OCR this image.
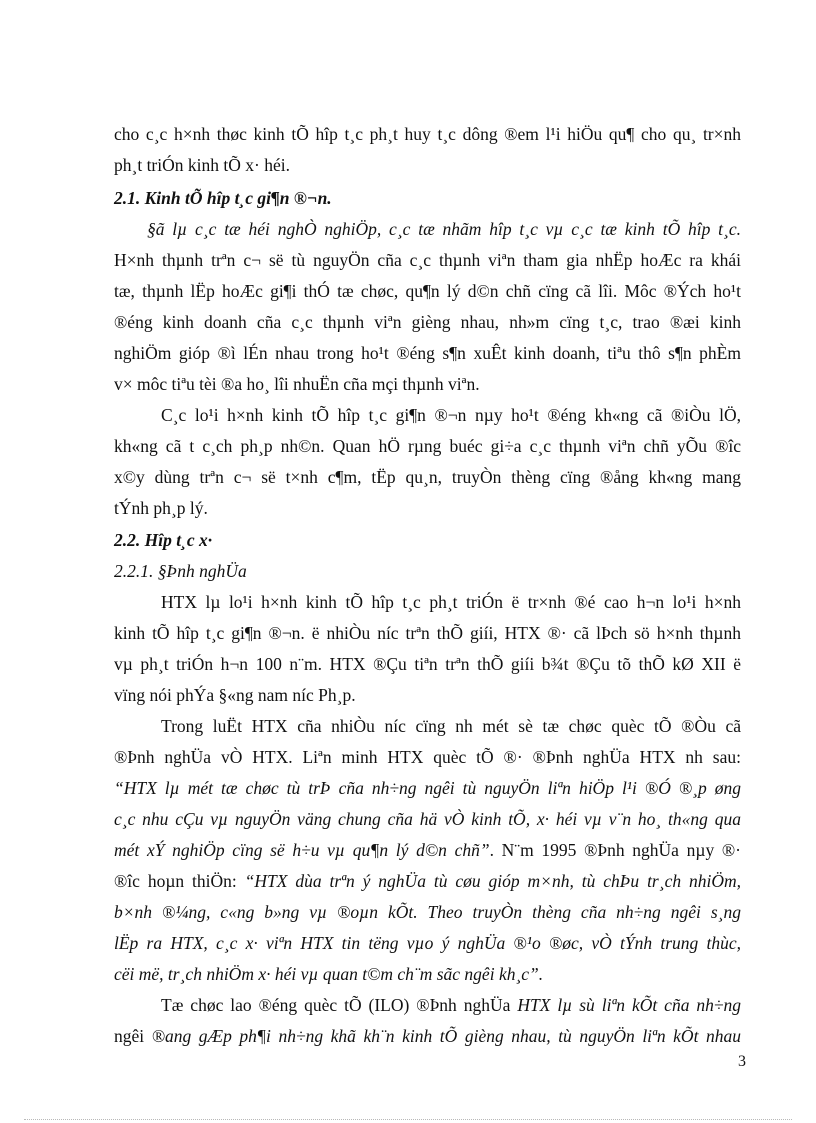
cho c¸c h×nh thøc kinh tÕ hîp t¸c ph¸t huy t¸c dông ®em l¹i hiÖu qu¶ cho qu¸ tr×nh
ph¸t triÓn kinh tÕ x· héi.
2.1. Kinh tÕ hîp t¸c gi¶n ®¬n.
§ã lµ c¸c tæ héi nghÒ nghiÖp, c¸c tæ nhãm hîp t¸c vµ c¸c tæ kinh tÕ hîp t¸c.
H×nh thµnh trªn c¬ së tù nguyÖn cña c¸c thµnh viªn tham gia nhËp hoÆc ra khái
tæ, thµnh lËp hoÆc gi¶i thÓ tæ chøc, qu¶n lý d©n chñ cïng cã lîi. Môc ®Ých ho¹t
®éng kinh doanh cña c¸c thµnh viªn gièng nhau, nh»m cïng t¸c, trao ®æi kinh
nghiÖm gióp ®ì lÉn nhau trong ho¹t ®éng s¶n xuÊt kinh doanh, tiªu thô s¶n phÈm
v× môc tiªu tèi ®a ho¸ lîi nhuËn cña mçi thµnh viªn.
C¸c lo¹i h×nh kinh tÕ hîp t¸c gi¶n ®¬n nµy ho¹t ®éng kh«ng cã ®iÒu lÖ,
kh«ng cã t c¸ch ph¸p nh©n. Quan hÖ rµng buéc gi÷a c¸c thµnh viªn chñ yÕu ®îc
x©y dùng trªn c¬ së t×nh c¶m, tËp qu¸n, truyÒn thèng cïng ®ång kh«ng mang
tÝnh ph¸p lý.
2.2. Hîp t¸c x·
2.2.1. §Þnh nghÜa
HTX lµ lo¹i h×nh kinh tÕ hîp t¸c ph¸t triÓn ë tr×nh ®é cao h¬n lo¹i h×nh
kinh tÕ hîp t¸c gi¶n ®¬n. ë nhiÒu níc trªn thÕ giíi, HTX ®· cã lÞch sö h×nh thµnh
vµ ph¸t triÓn h¬n 100 n¨m. HTX ®Çu tiªn trªn thÕ giíi b¾t ®Çu tõ thÕ kØ XII ë
vïng nói phÝa §«ng nam níc Ph¸p.
Trong luËt HTX cña nhiÒu níc cïng nh mét sè tæ chøc quèc tÕ ®Òu cã
®Þnh nghÜa vÒ HTX. Liªn minh HTX quèc tÕ ®· ®Þnh nghÜa HTX nh sau:
“HTX lµ mét tæ chøc tù trÞ cña nh÷ng ngêi tù nguyÖn liªn hiÖp l¹i ®Ó ®¸p øng
c¸c nhu cÇu vµ nguyÖn väng chung cña hä vÒ kinh tÕ, x· héi vµ v¨n ho¸ th«ng qua
mét xÝ nghiÖp cïng së h÷u vµ qu¶n lý d©n chñ”. N¨m 1995 ®Þnh nghÜa nµy ®·
®îc hoµn thiÖn: “HTX dùa trªn ý nghÜa tù cøu gióp m×nh, tù chÞu tr¸ch nhiÖm,
b×nh ®¼ng, c«ng b»ng vµ ®oµn kÕt. Theo truyÒn thèng cña nh÷ng ngêi s¸ng
lËp ra HTX, c¸c x· viªn HTX tin tëng vµo ý nghÜa ®¹o ®øc, vÒ tÝnh trung thùc,
cëi më, tr¸ch nhiÖm x· héi vµ quan t©m ch¨m sãc ngêi kh¸c”.
Tæ chøc lao ®éng quèc tÕ (ILO) ®Þnh nghÜa HTX lµ sù liªn kÕt cña nh÷ng
ngêi ®ang gÆp ph¶i nh÷ng khã kh¨n kinh tÕ gièng nhau, tù nguyÖn liªn kÕt nhau
3
